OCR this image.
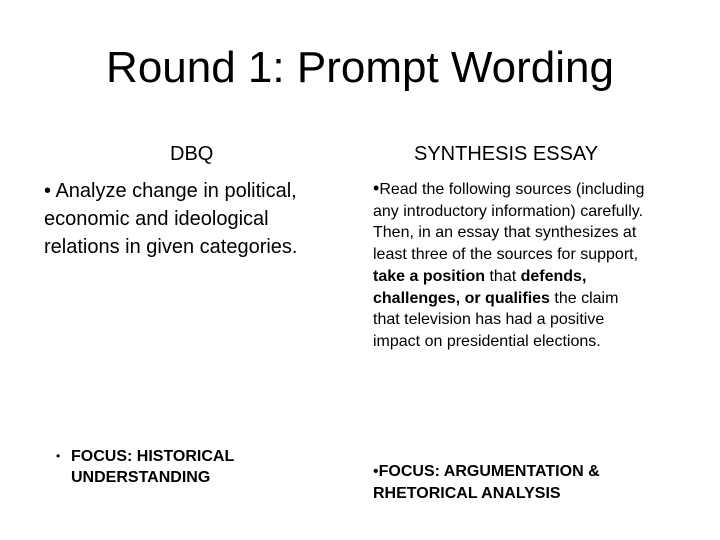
Round 1: Prompt Wording
DBQ	SYNTHESIS ESSAY
• Analyze change in political,
economic and ideological
relations in given categories.
•Read the following sources (including
any introductory information) carefully.
Then, in an essay that synthesizes at
least three of the sources for support,
take a position that defends,
challenges, or qualifies the claim
that television has had a positive
impact on presidential elections.
• FOCUS: HISTORICAL
UNDERSTANDING	•FOCUS: ARGUMENTATION &
RHETORICAL ANALYSIS
